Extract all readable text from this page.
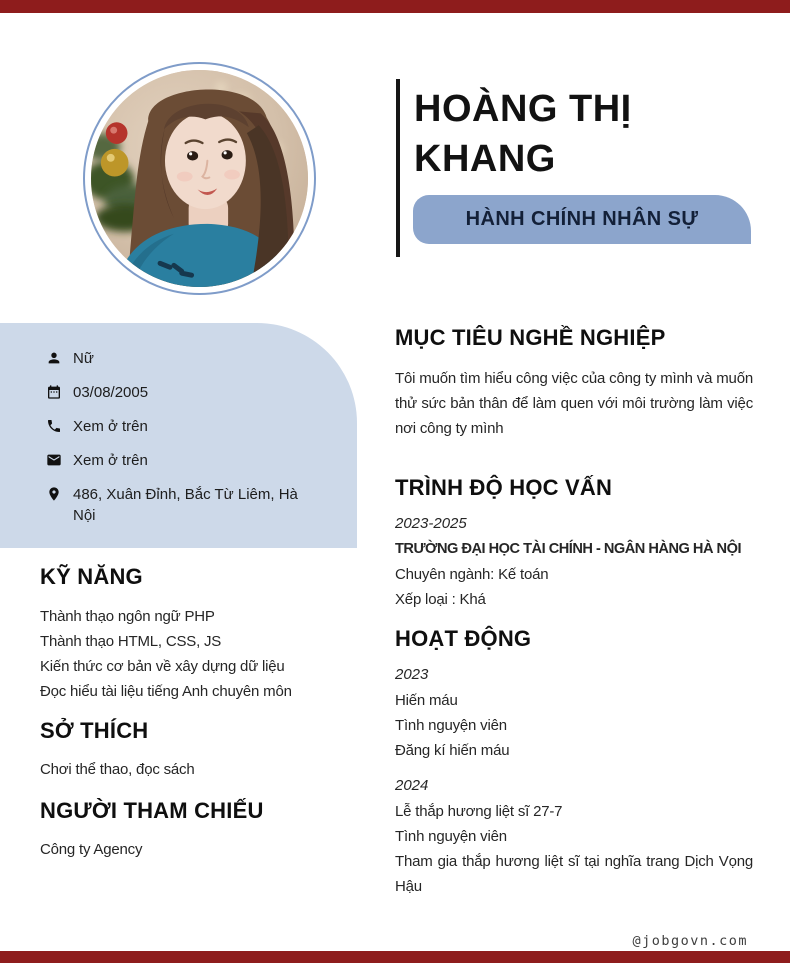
HOÀNG THỊ KHANG
HÀNH CHÍNH NHÂN SỰ
Nữ
03/08/2005
Xem ở trên
Xem ở trên
486, Xuân Đỉnh, Bắc Từ Liêm, Hà Nội
KỸ NĂNG
Thành thạo ngôn ngữ PHP
Thành thạo HTML, CSS, JS
Kiến thức cơ bản về xây dựng dữ liệu
Đọc hiểu tài liệu tiếng Anh chuyên môn
SỞ THÍCH
Chơi thể thao, đọc sách
NGƯỜI THAM CHIẾU
Công ty Agency
MỤC TIÊU NGHỀ NGHIỆP

Tôi muốn tìm hiểu công việc của công ty mình và muốn thử sức bản thân để làm quen với môi trường làm việc nơi công ty mình

TRÌNH ĐỘ HỌC VẤN
2023-2025
TRƯỜNG ĐẠI HỌC TÀI CHÍNH - NGÂN HÀNG HÀ NỘI
Chuyên ngành: Kế toán
Xếp loại : Khá
HOẠT ĐỘNG
2023
Hiến máu
Tình nguyện viên
Đăng kí hiến máu
2024
Lễ thắp hương liệt sĩ 27-7
Tình nguyện viên
Tham gia thắp hương liệt sĩ tại nghĩa trang Dịch Vọng Hậu
@jobgovn.com
